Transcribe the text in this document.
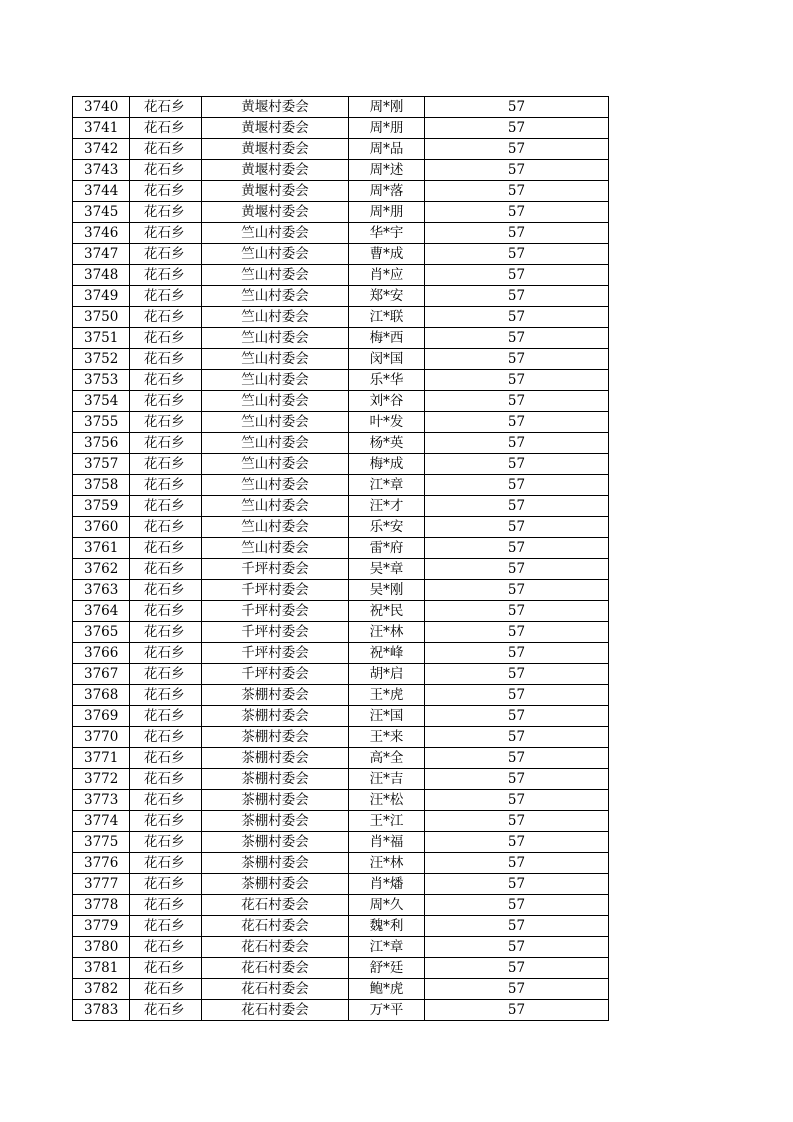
3740	花石乡	黄堰村委会	周*刚	57
3741	花石乡	黄堰村委会	周*朋	57
3742	花石乡	黄堰村委会	周*品	57
3743	花石乡	黄堰村委会	周*述	57
3744	花石乡	黄堰村委会	周*落	57
3745	花石乡	黄堰村委会	周*朋	57
3746	花石乡	竺山村委会	华*宇	57
3747	花石乡	竺山村委会	曹*成	57
3748	花石乡	竺山村委会	肖*应	57
3749	花石乡	竺山村委会	郑*安	57
3750	花石乡	竺山村委会	江*联	57
3751	花石乡	竺山村委会	梅*西	57
3752	花石乡	竺山村委会	闵*国	57
3753	花石乡	竺山村委会	乐*华	57
3754	花石乡	竺山村委会	刘*谷	57
3755	花石乡	竺山村委会	叶*发	57
3756	花石乡	竺山村委会	杨*英	57
3757	花石乡	竺山村委会	梅*成	57
3758	花石乡	竺山村委会	江*章	57
3759	花石乡	竺山村委会	汪*才	57
3760	花石乡	竺山村委会	乐*安	57
3761	花石乡	竺山村委会	雷*府	57
3762	花石乡	千坪村委会	吴*章	57
3763	花石乡	千坪村委会	吴*刚	57
3764	花石乡	千坪村委会	祝*民	57
3765	花石乡	千坪村委会	汪*林	57
3766	花石乡	千坪村委会	祝*峰	57
3767	花石乡	千坪村委会	胡*启	57
3768	花石乡	茶棚村委会	王*虎	57
3769	花石乡	茶棚村委会	汪*国	57
3770	花石乡	茶棚村委会	王*来	57
3771	花石乡	茶棚村委会	高*全	57
3772	花石乡	茶棚村委会	汪*吉	57
3773	花石乡	茶棚村委会	汪*松	57
3774	花石乡	茶棚村委会	王*江	57
3775	花石乡	茶棚村委会	肖*福	57
3776	花石乡	茶棚村委会	汪*林	57
3777	花石乡	茶棚村委会	肖*燔	57
3778	花石乡	花石村委会	周*久	57
3779	花石乡	花石村委会	魏*利	57
3780	花石乡	花石村委会	江*章	57
3781	花石乡	花石村委会	舒*廷	57
3782	花石乡	花石村委会	鲍*虎	57
3783	花石乡	花石村委会	万*平	57
